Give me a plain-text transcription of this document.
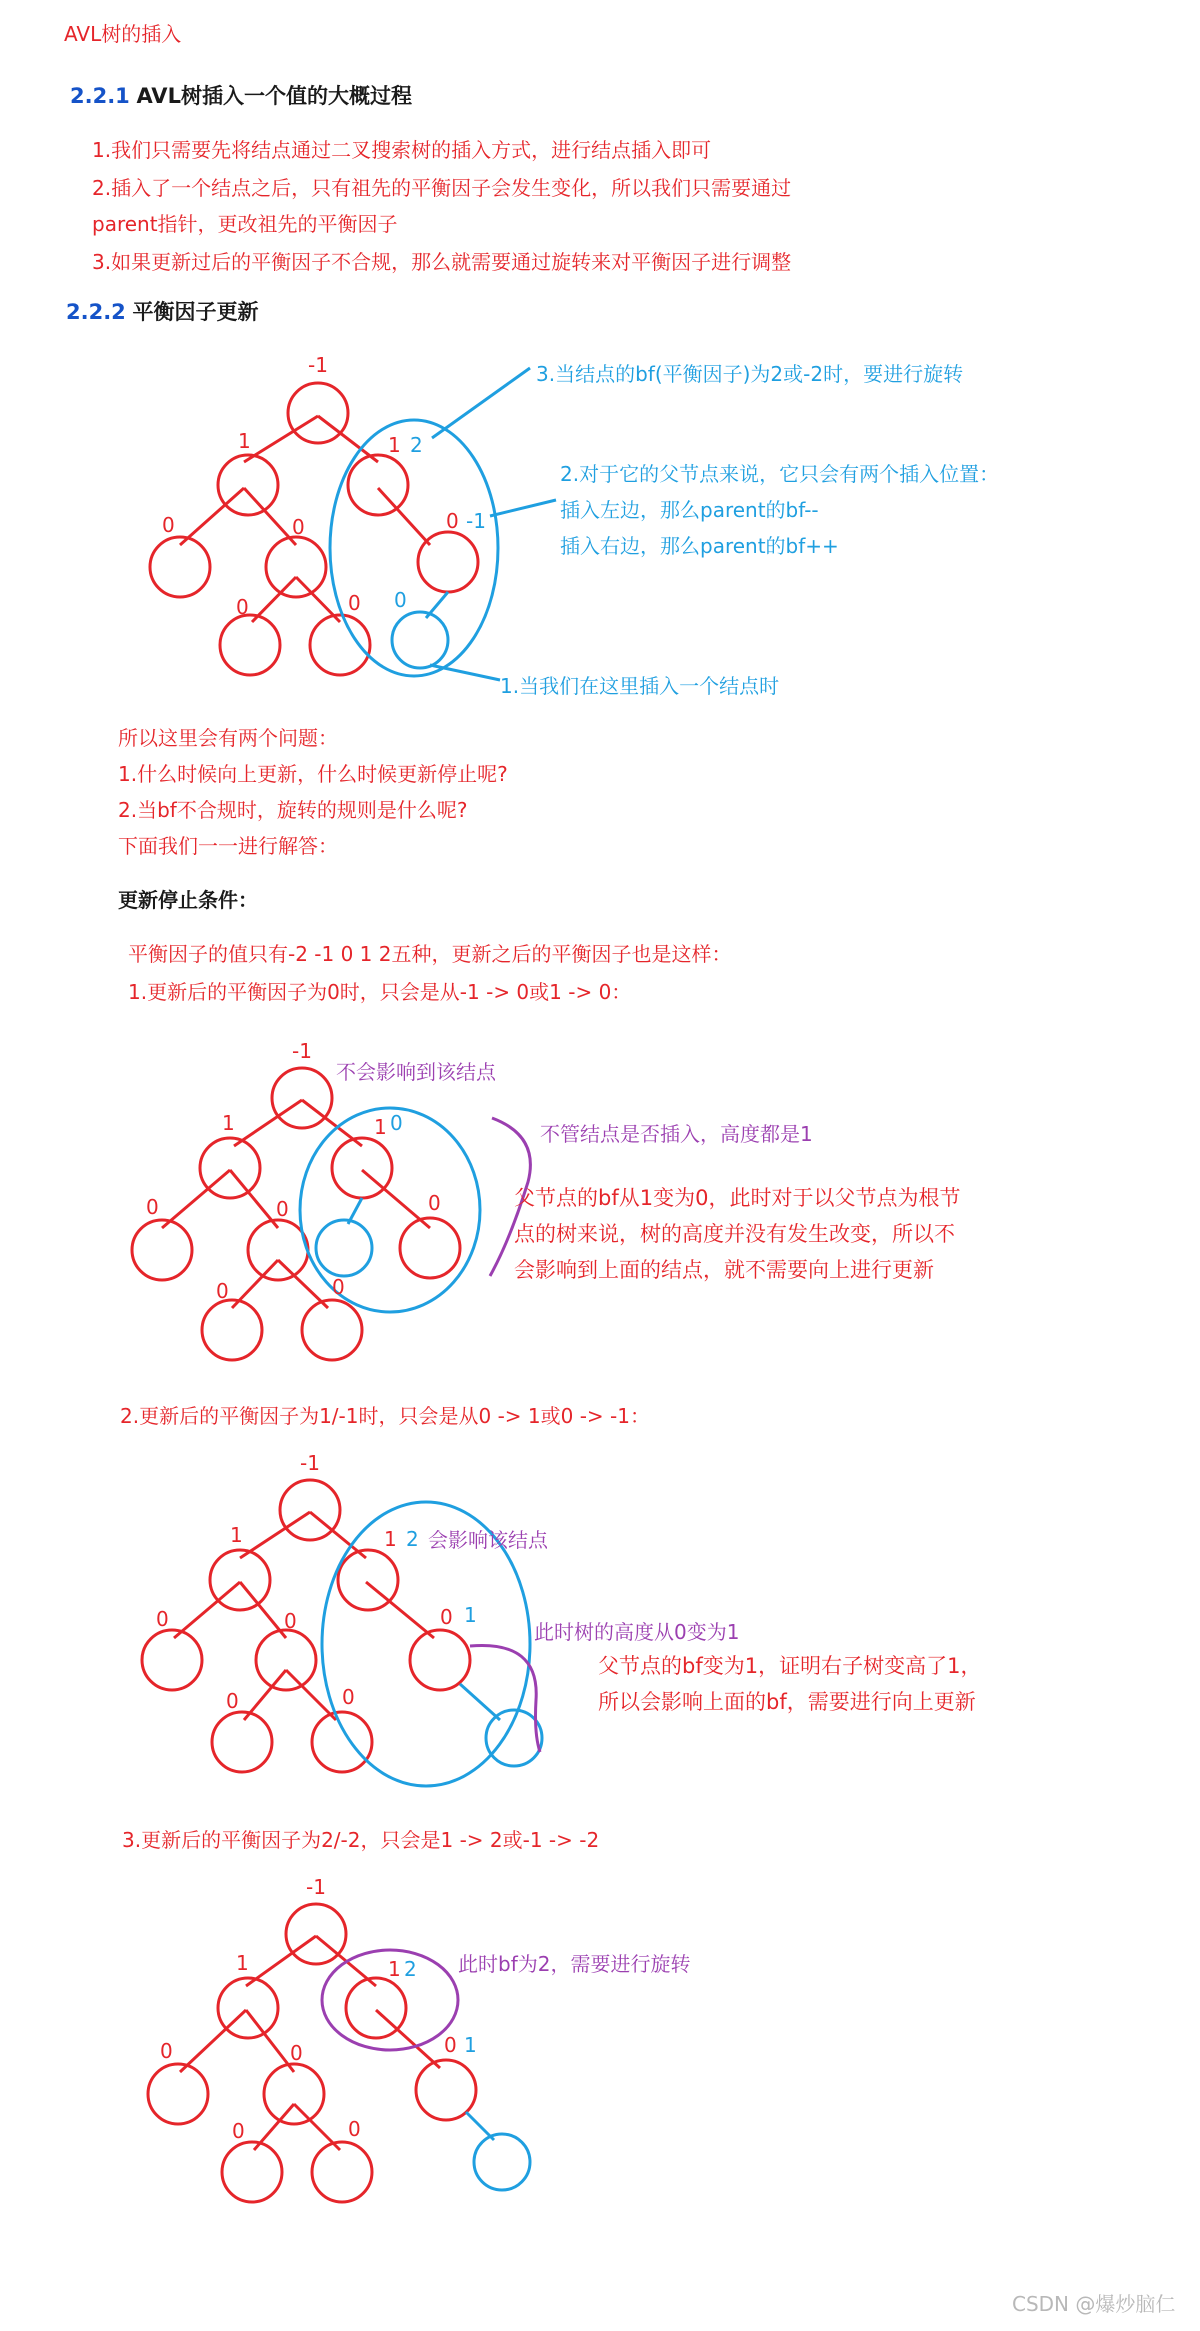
AVL树的插入
2.2.1 AVL树插入一个值的大概过程
1.我们只需要先将结点通过二叉搜索树的插入方式，进行结点插入即可
2.插入了一个结点之后，只有祖先的平衡因子会发生变化，所以我们只需要通过
parent指针，更改祖先的平衡因子
3.如果更新过后的平衡因子不合规，那么就需要通过旋转来对平衡因子进行调整
2.2.2 平衡因子更新
-1
1	1 2
0	0	0 -1
0	0 0
3.当结点的bf(平衡因子)为2或-2时，要进行旋转
2.对于它的父节点来说，它只会有两个插入位置：
插入左边，那么parent的bf--
插入右边，那么parent的bf++
1.当我们在这里插入一个结点时
所以这里会有两个问题：
1.什么时候向上更新，什么时候更新停止呢?
2.当bf不合规时，旋转的规则是什么呢?
下面我们一一进行解答：
更新停止条件：
平衡因子的值只有-2 -1 0 1 2五种，更新之后的平衡因子也是这样：
1.更新后的平衡因子为0时，只会是从-1 -> 0或1 -> 0：
-1
1	1 0
0	0	0
0	0
不会影响到该结点
不管结点是否插入，高度都是1
父节点的bf从1变为0，此时对于以父节点为根节
点的树来说，树的高度并没有发生改变，所以不
会影响到上面的结点，就不需要向上进行更新
2.更新后的平衡因子为1/-1时，只会是从0 -> 1或0 -> -1：
-1
1	1 2
0	0	0 1
0	0
会影响该结点
此时树的高度从0变为1
父节点的bf变为1，证明右子树变高了1，
所以会影响上面的bf，需要进行向上更新
3.更新后的平衡因子为2/-2，只会是1 -> 2或-1 -> -2
-1
1	1 2
0	0	0 1
0	0
此时bf为2，需要进行旋转
CSDN @爆炒脑仁
